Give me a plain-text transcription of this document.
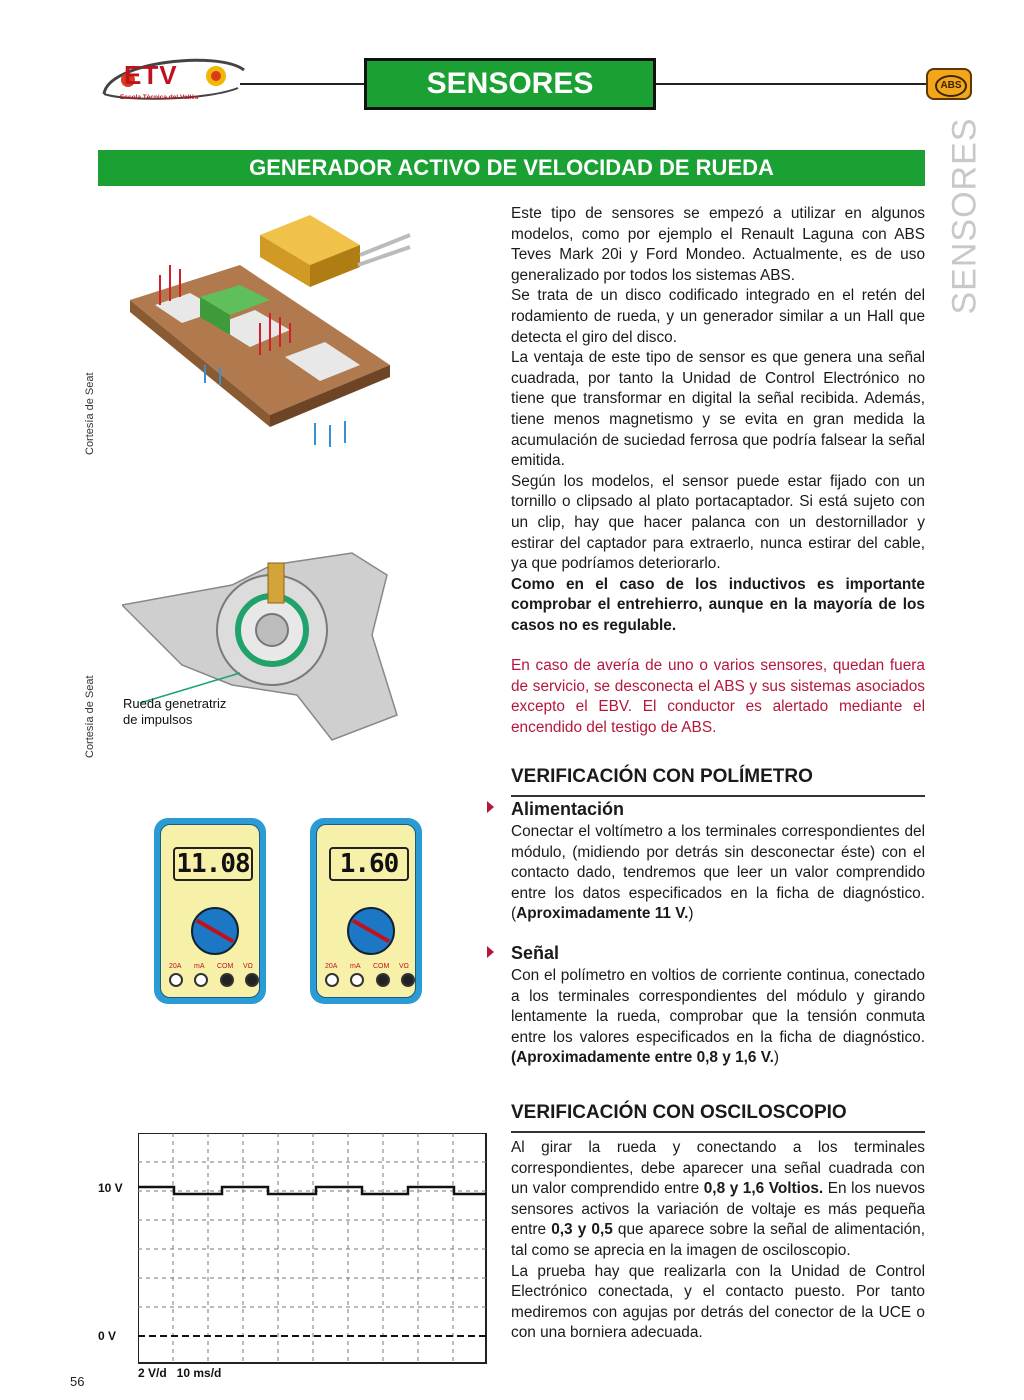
ETV
Escola Tècnica del Vallès	SENSORES	ABS
SENSORES
GENERADOR ACTIVO DE VELOCIDAD DE RUEDA
Cortesía de Seat
Cortesía de Seat Rueda genetratriz
de impulsos
11.08
20A mA COM VΩ
1.60
20A mA COM VΩ
10 V
0 V
2 V/d   10 ms/d

Este tipo de sensores se empezó a utilizar en algunos modelos, como por ejemplo el Renault Laguna con ABS Teves Mark 20i y Ford Mondeo. Actualmente, es de uso generalizado por todos los sistemas ABS.

Se trata de un disco codificado integrado en el retén del rodamiento de rueda, y un generador similar a un Hall que detecta el giro del disco.

La ventaja de este tipo de sensor es que genera una señal cuadrada, por tanto la Unidad de Control Electrónico no tiene que transformar en digital la señal recibida. Además, tiene menos magnetismo y se evita en gran medida la acumulación de suciedad ferrosa que podría falsear la señal emitida.

Según los modelos, el sensor puede estar fijado con un tornillo o clipsado al plato portacaptador. Si está sujeto con un clip, hay que hacer palanca con un destornillador y estirar del captador para extraerlo, nunca estirar del cable, ya que podríamos deteriorarlo.

Como en el caso de los inductivos es importante comprobar el entrehierro, aunque en la mayoría de los casos no es regulable.

En caso de avería de uno o varios sensores, quedan fuera de servicio, se desconecta el ABS y sus sistemas asociados excepto el EBV. El conductor es alertado mediante el encendido del testigo de ABS.
VERIFICACIÓN CON POLÍMETRO
Alimentación
Conectar el voltímetro a los terminales correspondientes del módulo, (midiendo por detrás sin desconectar éste) con el contacto dado, tendremos que leer un valor comprendido entre los datos especificados en la ficha de diagnóstico. (Aproximadamente 11 V.)
Señal
Con el polímetro en voltios de corriente continua, conectado a los terminales correspondientes del módulo y girando lentamente la rueda, comprobar que la tensión conmuta entre los valores especificados en la ficha de diagnóstico. (Aproximadamente entre 0,8 y 1,6 V.)
VERIFICACIÓN CON OSCILOSCOPIO

Al girar la rueda y conectando a los terminales correspondientes, debe aparecer una señal cuadrada con un valor comprendido entre 0,8 y 1,6 Voltios. En los nuevos sensores activos la variación de voltaje es más pequeña entre 0,3 y 0,5 que aparece sobre la señal de alimentación, tal como se aprecia en la imagen de osciloscopio.

La prueba hay que realizarla con la Unidad de Control Electrónico conectada, y el contacto puesto. Por tanto mediremos con agujas por detrás del conector de la UCE o con una borniera adecuada.

56
